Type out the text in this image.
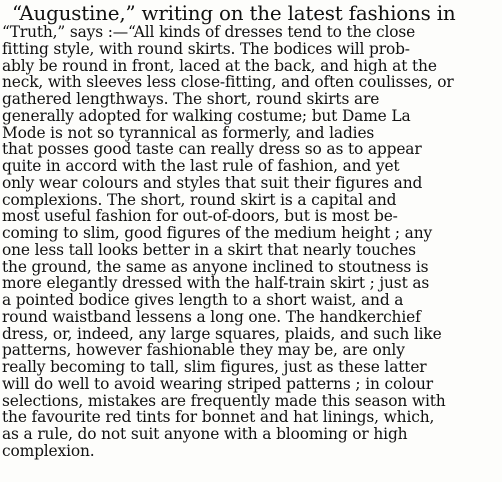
“Augustine,” writing on the latest fashions in
“Truth,” says :—“All kinds of dresses tend to the close
fitting style, with round skirts. The bodices will prob-
ably be round in front, laced at the back, and high at the
neck, with sleeves less close-fitting, and often coulisses, or
gathered lengthways. The short, round skirts are
generally adopted for walking costume; but Dame La
Mode is not so tyrannical as formerly, and ladies
that posses good taste can really dress so as to appear
quite in accord with the last rule of fashion, and yet
only wear colours and styles that suit their figures and
complexions. The short, round skirt is a capital and
most useful fashion for out-of-doors, but is most be-
coming to slim, good figures of the medium height ; any
one less tall looks better in a skirt that nearly touches
the ground, the same as anyone inclined to stoutness is
more elegantly dressed with the half-train skirt ; just as
a pointed bodice gives length to a short waist, and a
round waistband lessens a long one. The handkerchief
dress, or, indeed, any large squares, plaids, and such like
patterns, however fashionable they may be, are only
really becoming to tall, slim figures, just as these latter
will do well to avoid wearing striped patterns ; in colour
selections, mistakes are frequently made this season with
the favourite red tints for bonnet and hat linings, which,
as a rule, do not suit anyone with a blooming or high
complexion.
